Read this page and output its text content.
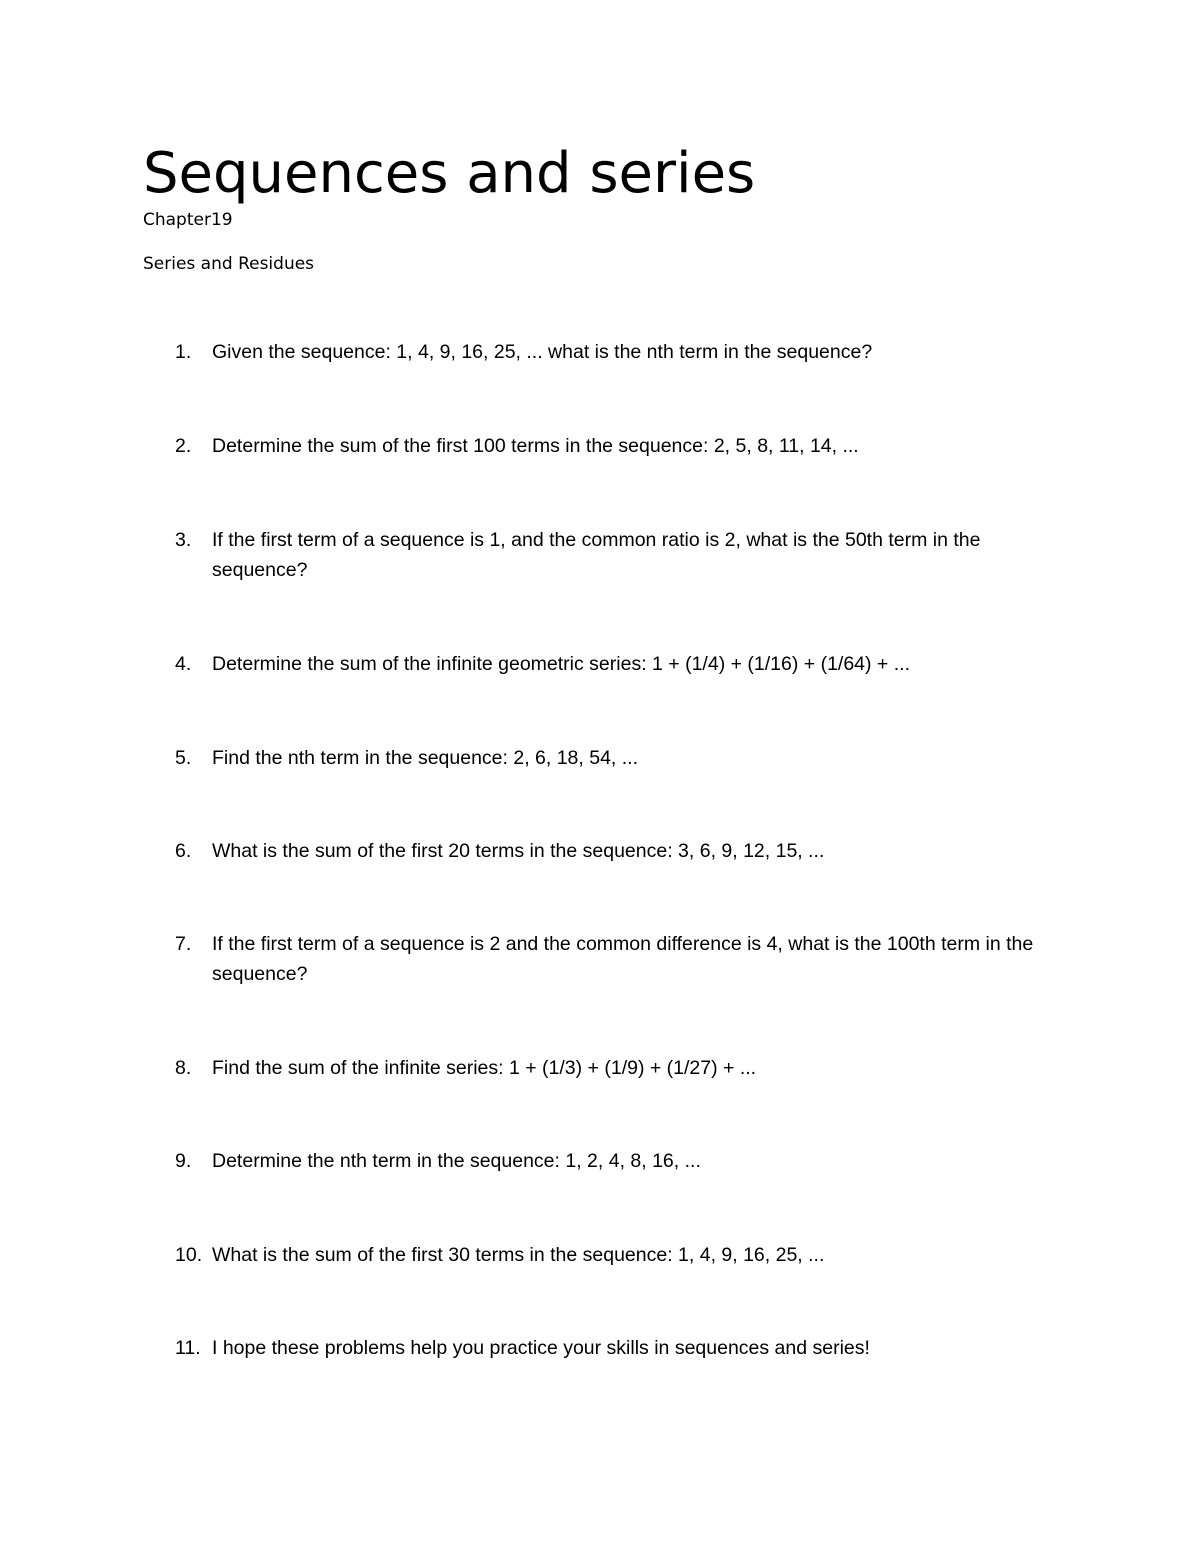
Sequences and series

Chapter19

Series and Residues

1. Given the sequence: 1, 4, 9, 16, 25, ... what is the nth term in the sequence?
2. Determine the sum of the first 100 terms in the sequence: 2, 5, 8, 11, 14, ...
3. If the first term of a sequence is 1, and the common ratio is 2, what is the 50th term in the sequence?
4. Determine the sum of the infinite geometric series: 1 + (1/4) + (1/16) + (1/64) + ...
5. Find the nth term in the sequence: 2, 6, 18, 54, ...
6. What is the sum of the first 20 terms in the sequence: 3, 6, 9, 12, 15, ...
7. If the first term of a sequence is 2 and the common difference is 4, what is the 100th term in the sequence?
8. Find the sum of the infinite series: 1 + (1/3) + (1/9) + (1/27) + ...
9. Determine the nth term in the sequence: 1, 2, 4, 8, 16, ...
10. What is the sum of the first 30 terms in the sequence: 1, 4, 9, 16, 25, ...
11. I hope these problems help you practice your skills in sequences and series!
